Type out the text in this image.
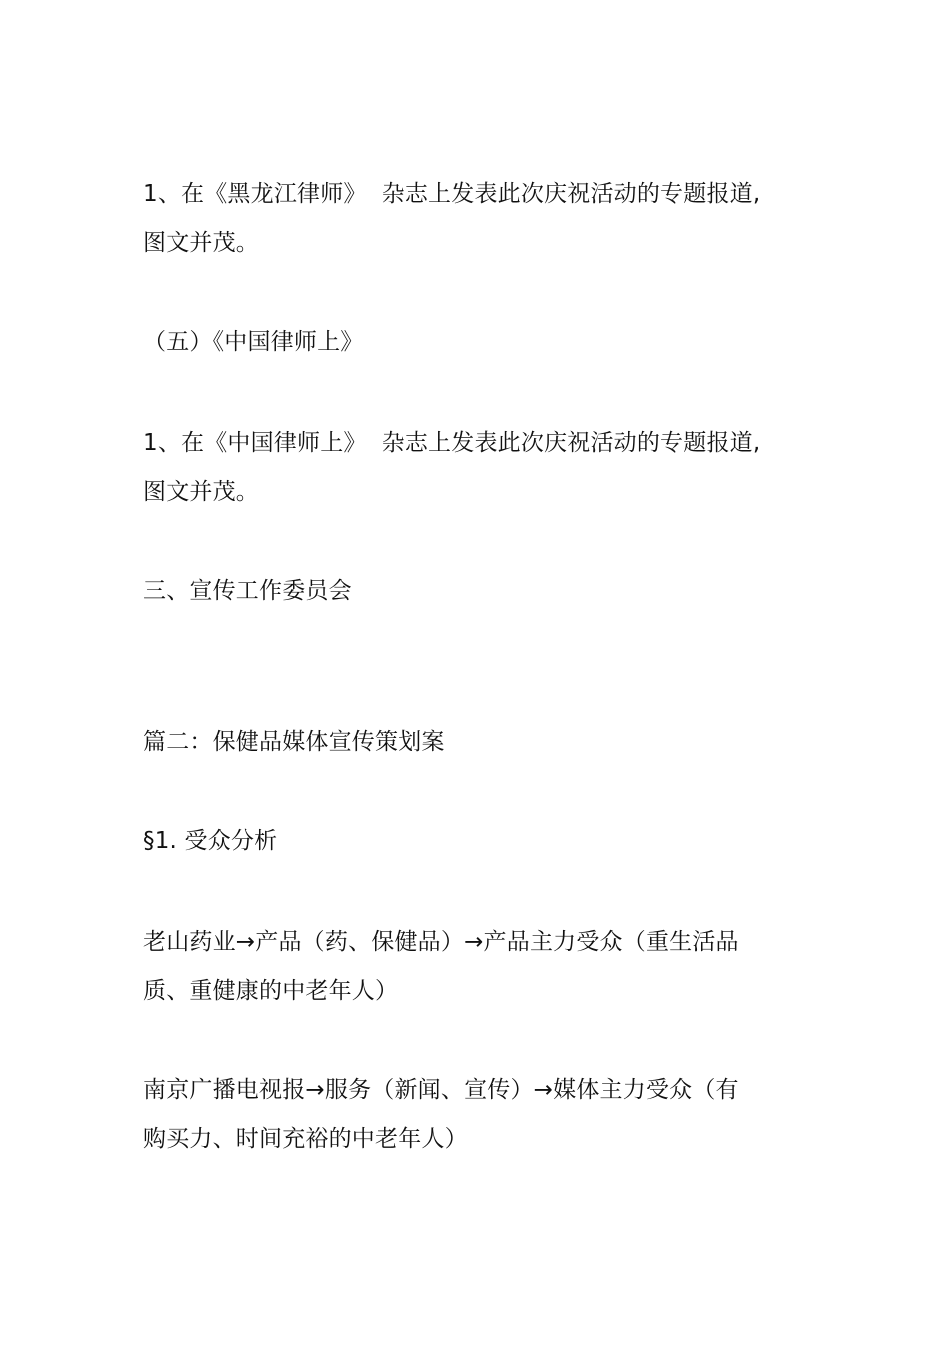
1、在《黑龙江律师》  杂志上发表此次庆祝活动的专题报道,
图文并茂。
（五）《中国律师上》
1、在《中国律师上》  杂志上发表此次庆祝活动的专题报道,
图文并茂。
三、宣传工作委员会
篇二：保健品媒体宣传策划案
§1. 受众分析
老山药业→产品（药、保健品）→产品主力受众（重生活品
质、重健康的中老年人）
南京广播电视报→服务（新闻、宣传）→媒体主力受众（有
购买力、时间充裕的中老年人）
